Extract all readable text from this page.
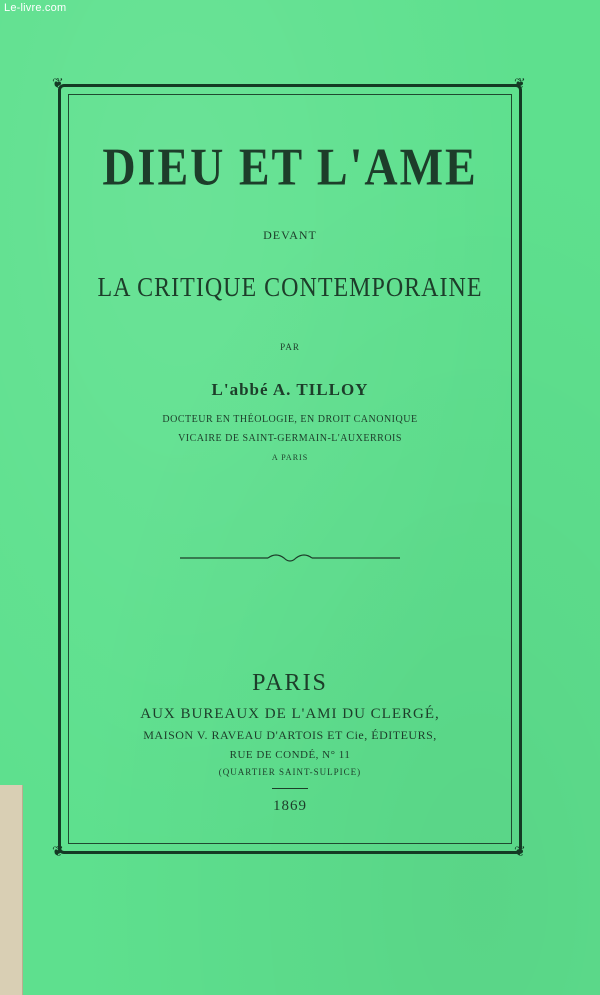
Le-livre.com
❦	❦
❦	❦
DIEU ET L'AME
DEVANT
LA CRITIQUE CONTEMPORAINE
PAR
L'abbé A. TILLOY
DOCTEUR EN THÉOLOGIE, EN DROIT CANONIQUE
VICAIRE DE SAINT-GERMAIN-L'AUXERROIS
A PARIS
PARIS
AUX BUREAUX DE L'AMI DU CLERGÉ,
MAISON V. RAVEAU D'ARTOIS ET Cie, ÉDITEURS,
RUE DE CONDÉ, N° 11
(QUARTIER SAINT-SULPICE)
1869
